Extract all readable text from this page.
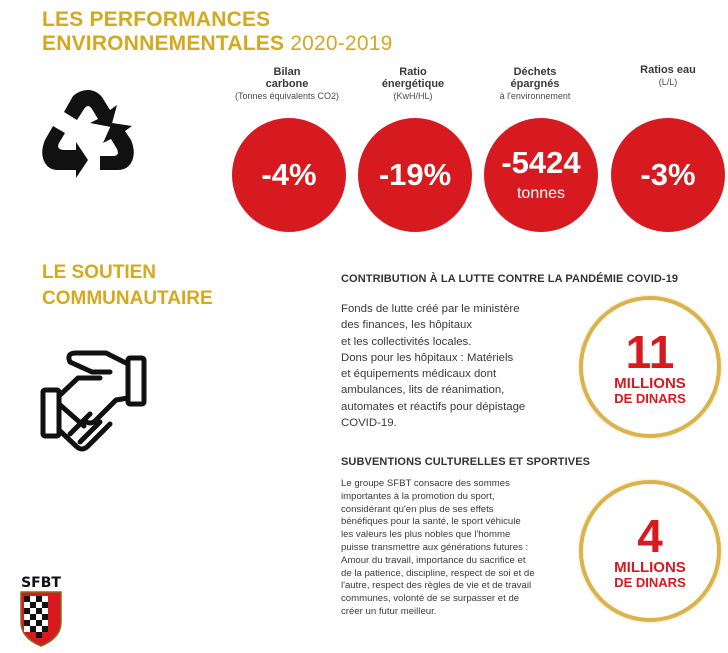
LES PERFORMANCES
ENVIRONNEMENTALES 2020-2019
Bilan
carbone
(Tonnes équivalents CO2)
Ratio
énergétique
(KwH/HL)
Déchets
épargnés
à l'environnement
Ratios eau
(L/L)
-4% -19% -5424
tonnes
-3%
LE SOUTIEN
COMMUNAUTAIRE
CONTRIBUTION À LA LUTTE CONTRE LA PANDÉMIE COVID-19
Fonds de lutte créé par le ministère
des finances, les hôpitaux
et les collectivités locales.
Dons pour les hôpitaux : Matériels
et équipements médicaux dont
ambulances, lits de réanimation,
automates et réactifs pour dépistage
COVID-19.
11
MILLIONS
DE DINARS
SUBVENTIONS CULTURELLES ET SPORTIVES
Le groupe SFBT consacre des sommes
importantes à la promotion du sport,
considérant qu'en plus de ses effets
bénéfiques pour la santé, le sport véhicule
les valeurs les plus nobles que l'homme
puisse transmettre aux générations futures :
Amour du travail, importance du sacrifice et
de la patience, discipline, respect de soi et de
l'autre, respect des règles de vie et de travail
communes, volonté de se surpasser et de
créer un futur meilleur.
4
MILLIONS
DE DINARS
SFBT
